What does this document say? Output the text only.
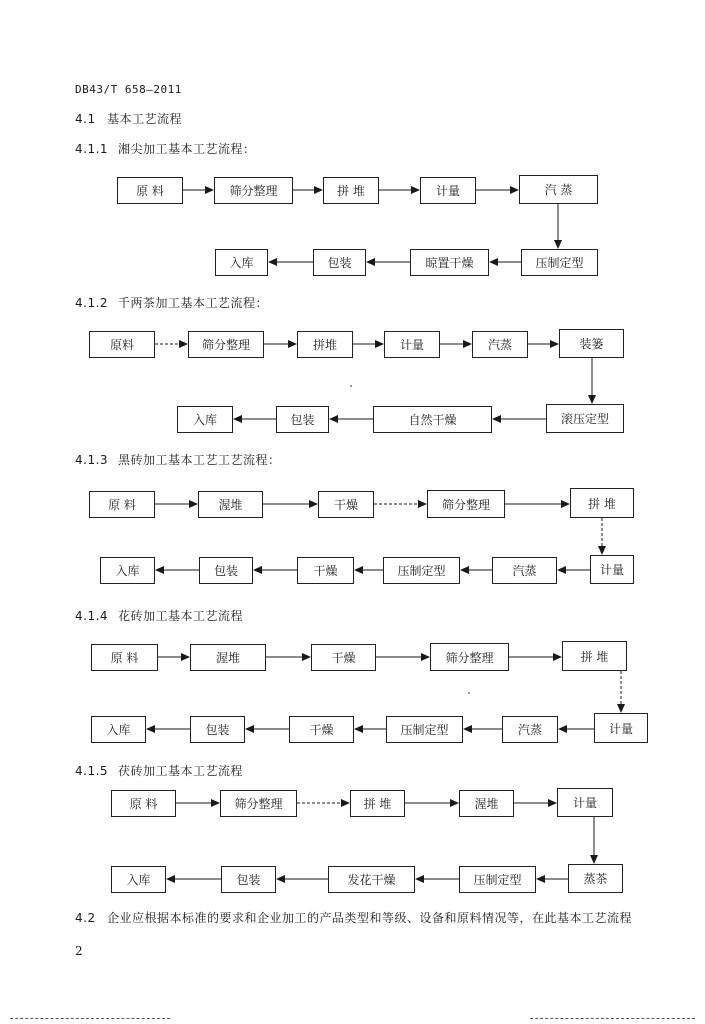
DB43/T 658—2011
4.1 基本工艺流程
4.1.1 湘尖加工基本工艺流程：
原 料	筛分整理	拼 堆	计量	汽 蒸
入库	包装	晾置干燥	压制定型
4.1.2 千两茶加工基本工艺流程：
原料	筛分整理	拼堆	计量	汽蒸	装篓
入库	包装	自然干燥	滚压定型
4.1.3 黑砖加工基本工艺工艺流程：
原 料	渥堆	干燥	筛分整理	拼 堆
入库	包装	干燥	压制定型	汽蒸	计量
4.1.4 花砖加工基本工艺流程
原 料	渥堆	干燥	筛分整理	拼 堆
入库	包装	干燥	压制定型	汽蒸	计量
4.1.5 茯砖加工基本工艺流程
原 料	筛分整理	拼 堆	渥堆	计量
入库	包装	发花干燥	压制定型	蒸茶
4.2 企业应根据本标准的要求和企业加工的产品类型和等级、设备和原料情况等，在此基本工艺流程
2
